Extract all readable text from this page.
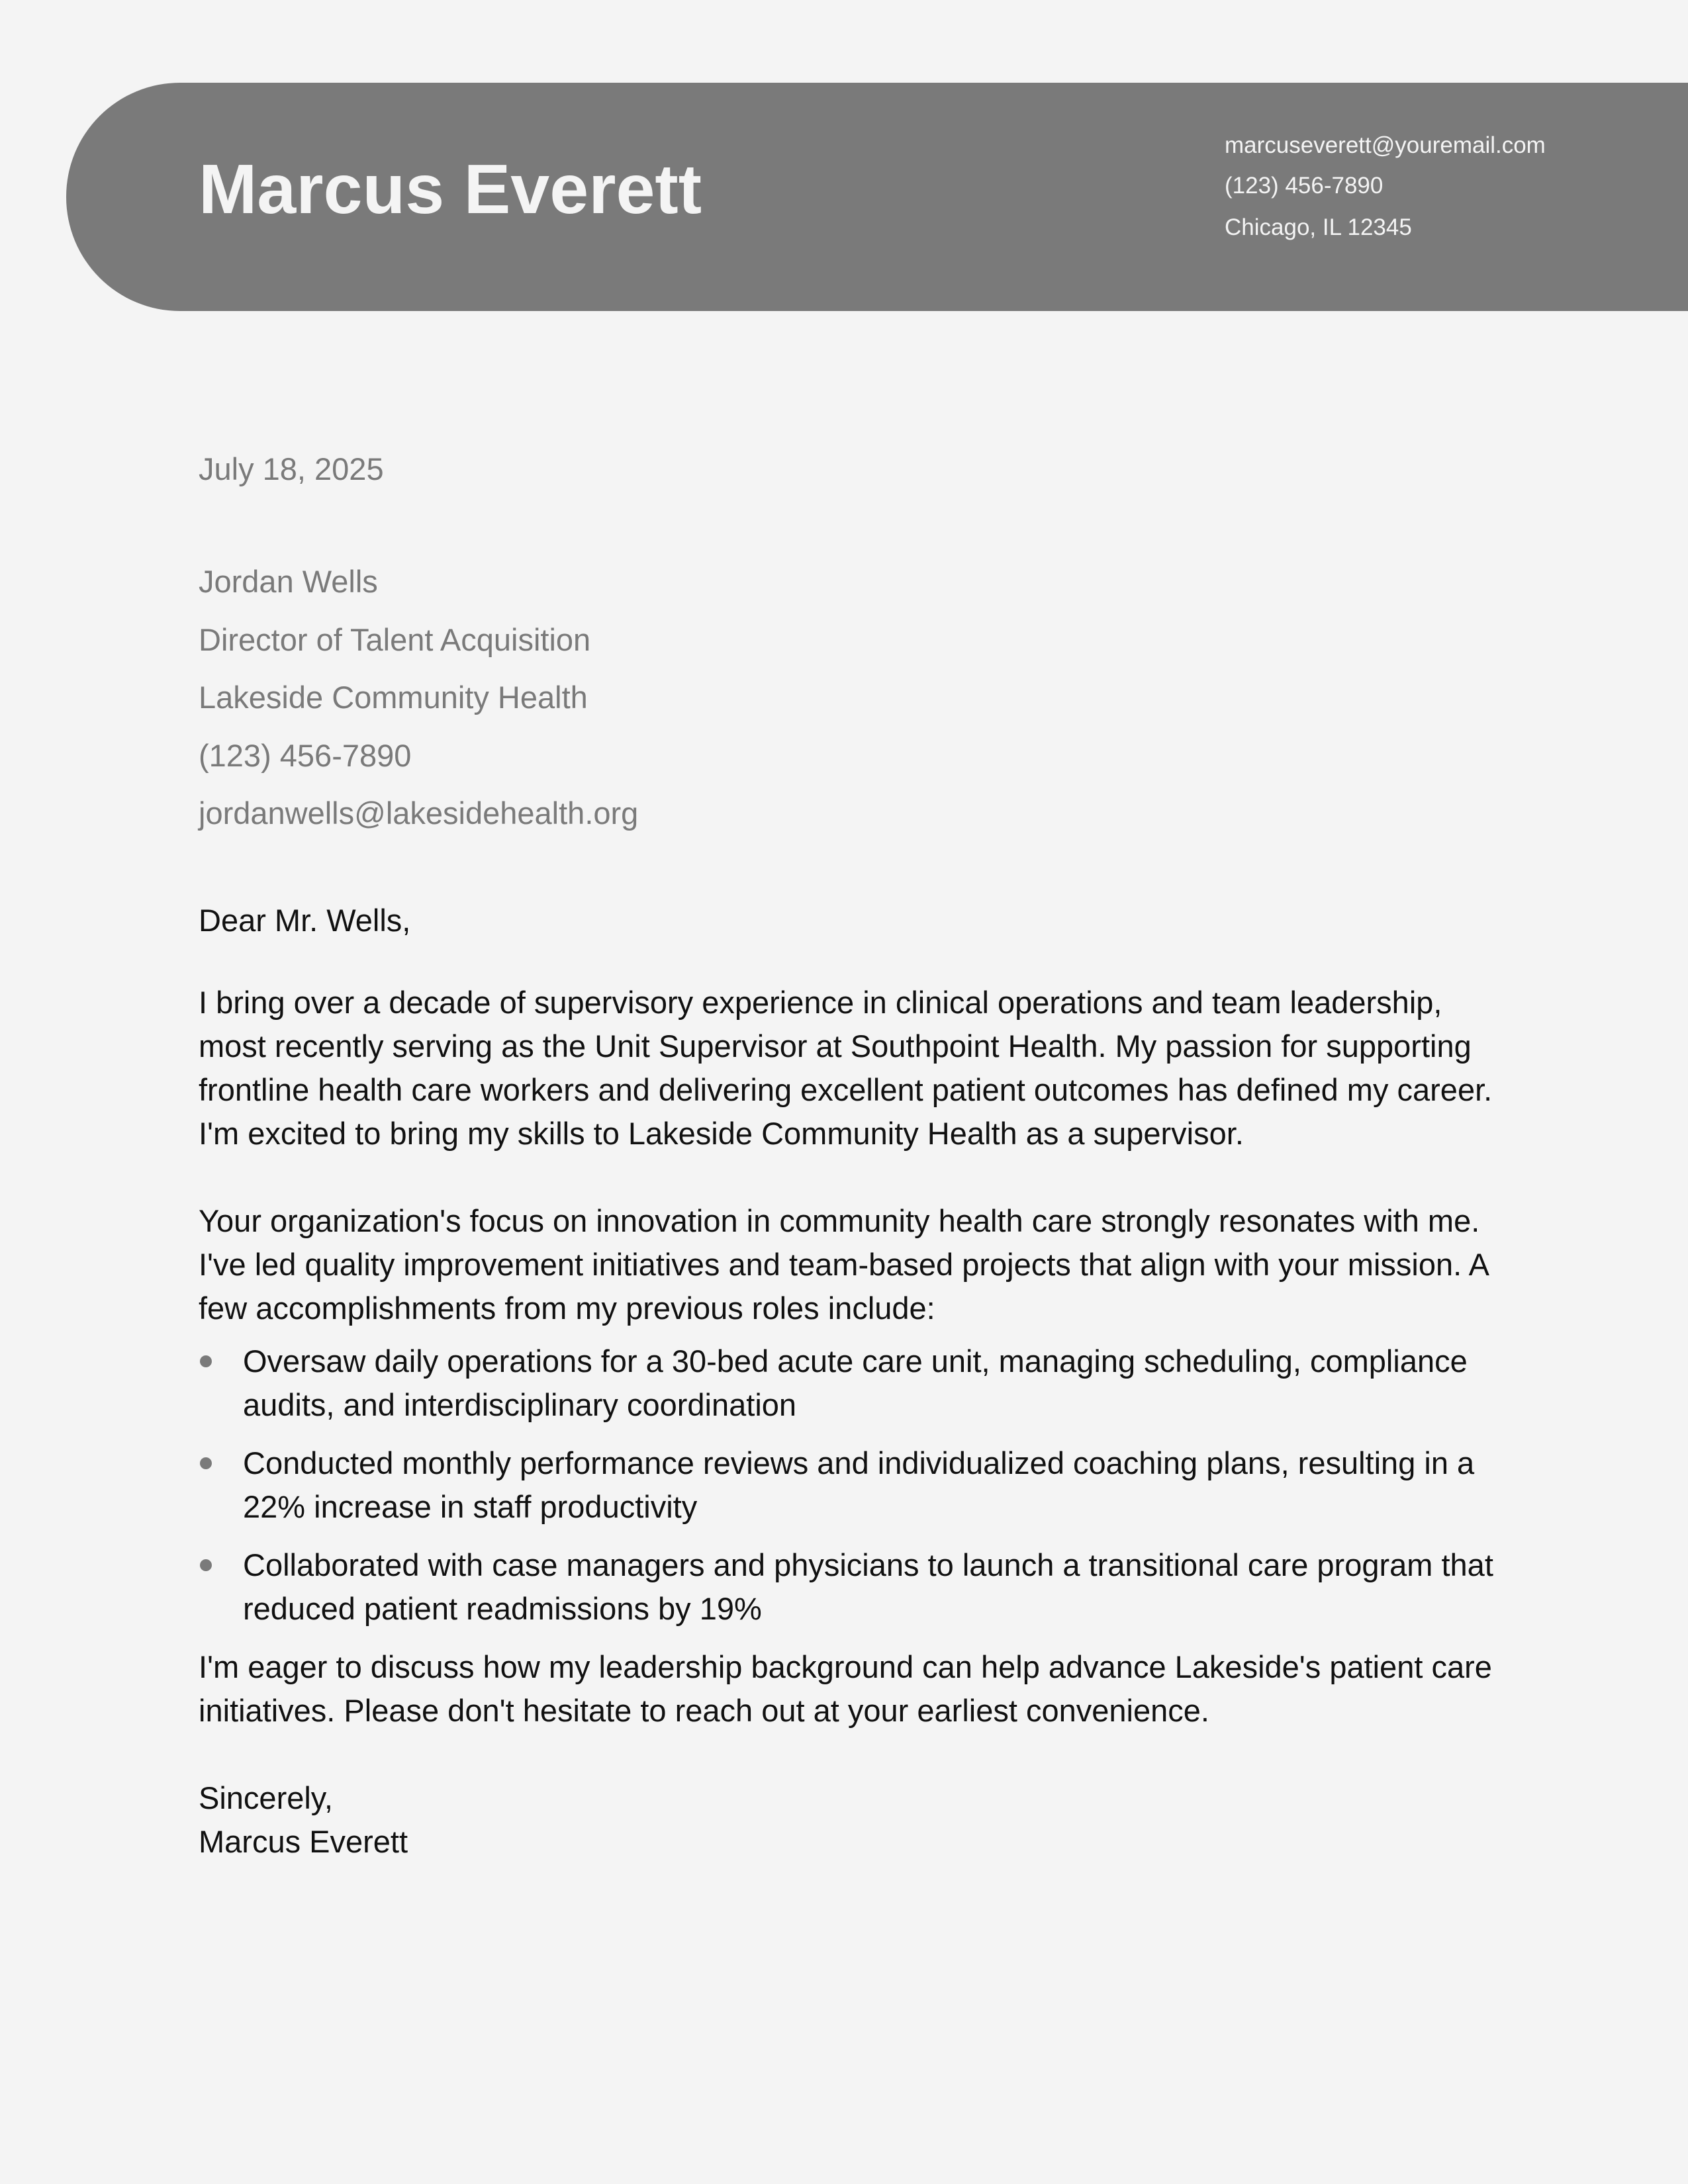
Marcus Everett
marcuseverett@youremail.com
(123) 456-7890
Chicago, IL 12345
July 18, 2025
Jordan Wells
Director of Talent Acquisition
Lakeside Community Health
(123) 456-7890
jordanwells@lakesidehealth.org

Dear Mr. Wells,

I bring over a decade of supervisory experience in clinical operations and team leadership, most recently serving as the Unit Supervisor at Southpoint Health. My passion for supporting frontline health care workers and delivering excellent patient outcomes has defined my career. I'm excited to bring my skills to Lakeside Community Health as a supervisor.

Your organization's focus on innovation in community health care strongly resonates with me. I've led quality improvement initiatives and team-based projects that align with your mission. A few accomplishments from my previous roles include:

Oversaw daily operations for a 30-bed acute care unit, managing scheduling, compliance audits, and interdisciplinary coordination
Conducted monthly performance reviews and individualized coaching plans, resulting in a 22% increase in staff productivity
Collaborated with case managers and physicians to launch a transitional care program that reduced patient readmissions by 19%

I'm eager to discuss how my leadership background can help advance Lakeside's patient care initiatives. Please don't hesitate to reach out at your earliest convenience.

Sincerely,
Marcus Everett
